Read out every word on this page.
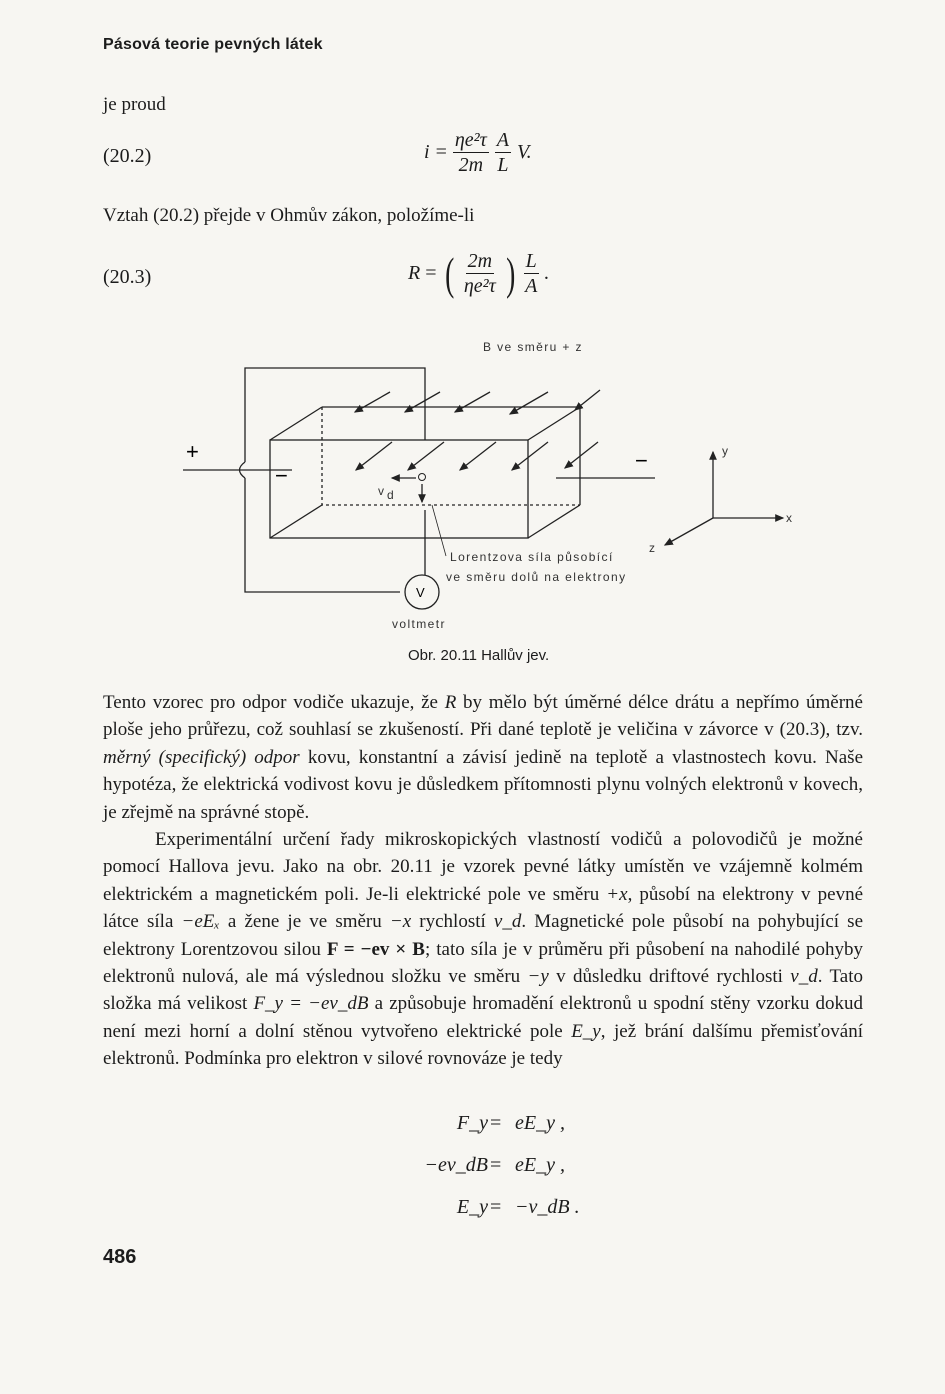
Pásová teorie pevných látek
je proud
(20.2)	$i = \frac{\text{ηe²τ}}{2m} \frac{A}{L} V$.
Vztah (20.2) přejde v Ohmův zákon, položíme-li
(20.3)	R = ( $\frac{2m}{\text{ηe²τ}}$ ) $\frac{L}{A}$ .
B ve směru + z
+
−
−
v d
Lorentzova síla působící
ve směru dolů na elektrony
V
voltmetr
y
x
z
Obr. 20.11 Hallův jev.

Tento vzorec pro odpor vodiče ukazuje, že R by mělo být úměrné délce drátu a nepřímo úměrné ploše jeho průřezu, což souhlasí se zkušeností. Při dané teplotě je veličina v závorce v (20.3), tzv. měrný (specifický) odpor kovu, konstantní a závisí jedině na teplotě a vlastnostech kovu. Naše hypotéza, že elektrická vodivost kovu je důsledkem přítomnosti plynu volných elektronů v kovech, je zřejmě na správné stopě.

Experimentální určení řady mikroskopických vlastností vodičů a polovodičů je možné pomocí Hallova jevu. Jako na obr. 20.11 je vzorek pevné látky umístěn ve vzájemně kolmém elektrickém a magnetickém poli. Je-li elektrické pole ve směru +x, působí na elektrony v pevné látce síla −eEₓ a žene je ve směru −x rychlostí v_d. Magnetické pole působí na pohybující se elektrony Lorentzovou silou F = −ev × B; tato síla je v průměru při působení na nahodilé pohyby elektronů nulová, ale má výslednou složku ve směru −y v důsledku driftové rychlosti v_d. Tato složka má velikost F_y = −ev_dB a způsobuje hromadění elektronů u spodní stěny vzorku dokud není mezi horní a dolní stěnou vytvořeno elektrické pole E_y, jež brání dalšímu přemisťování elektronů. Podmínka pro elektron v silové rovnováze je tedy

F_y = eE_y ,
−ev_dB = eE_y ,
E_y = −v_dB .
486
